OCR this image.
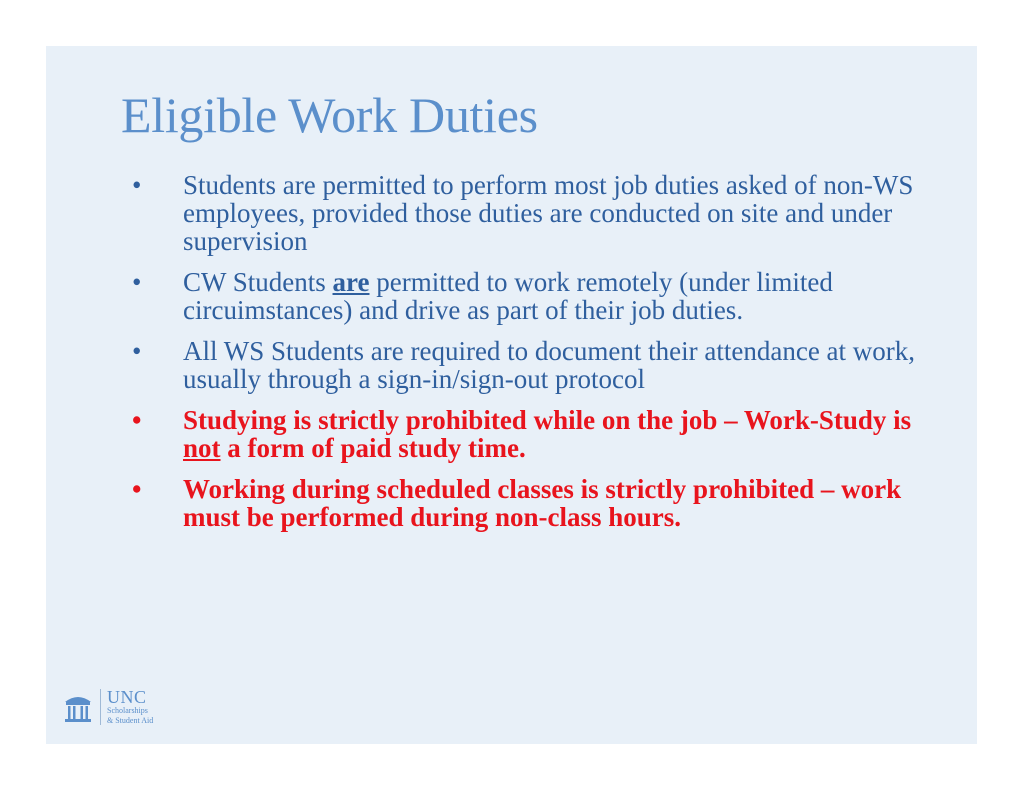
Eligible Work Duties
• Students are permitted to perform most job duties asked of non-WS employees, provided those duties are conducted on site and under supervision
• CW Students are permitted to work remotely (under limited circuimstances) and drive as part of their job duties.
• All WS Students are required to document their attendance at work, usually through a sign-in/sign-out protocol
• Studying is strictly prohibited while on the job – Work-Study is not a form of paid study time.
• Working during scheduled classes is strictly prohibited – work must be performed during non-class hours.
UNC
Scholarships
& Student Aid
